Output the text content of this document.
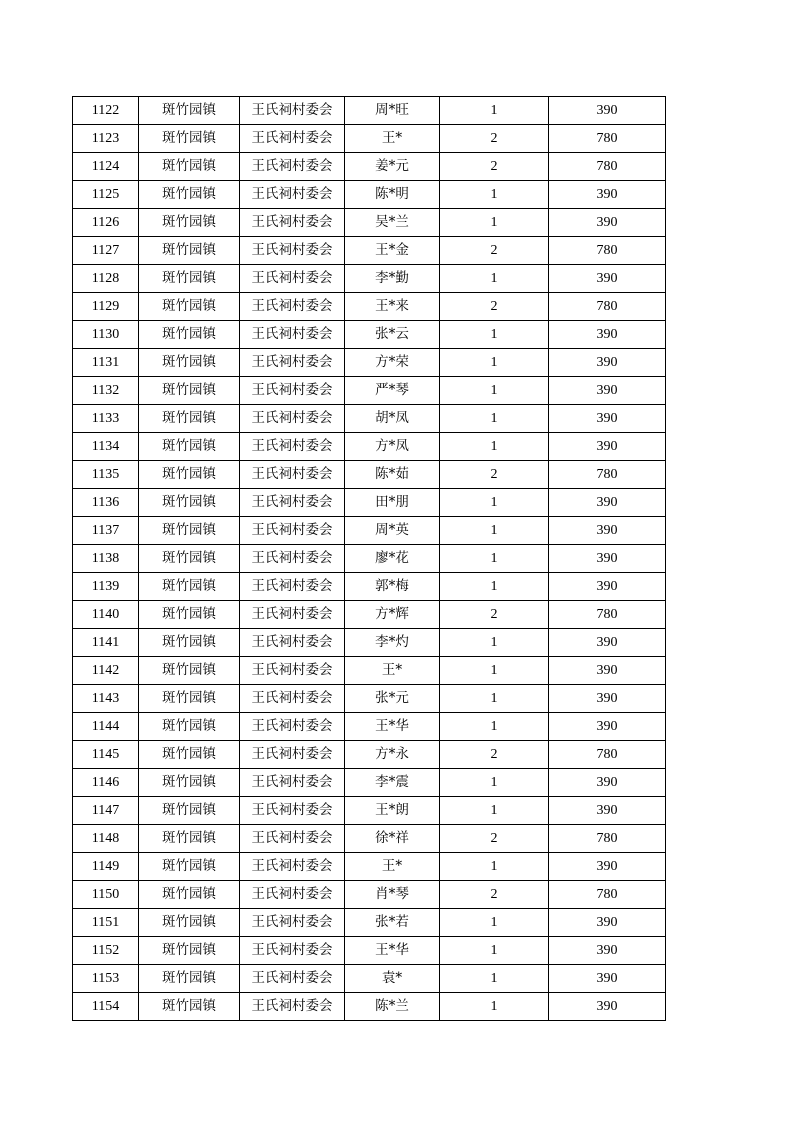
1122	斑竹园镇	王氏祠村委会	周*旺	1	390
1123	斑竹园镇	王氏祠村委会	王*	2	780
1124	斑竹园镇	王氏祠村委会	姜*元	2	780
1125	斑竹园镇	王氏祠村委会	陈*明	1	390
1126	斑竹园镇	王氏祠村委会	吴*兰	1	390
1127	斑竹园镇	王氏祠村委会	王*金	2	780
1128	斑竹园镇	王氏祠村委会	李*勤	1	390
1129	斑竹园镇	王氏祠村委会	王*来	2	780
1130	斑竹园镇	王氏祠村委会	张*云	1	390
1131	斑竹园镇	王氏祠村委会	方*荣	1	390
1132	斑竹园镇	王氏祠村委会	严*琴	1	390
1133	斑竹园镇	王氏祠村委会	胡*凤	1	390
1134	斑竹园镇	王氏祠村委会	方*凤	1	390
1135	斑竹园镇	王氏祠村委会	陈*茹	2	780
1136	斑竹园镇	王氏祠村委会	田*朋	1	390
1137	斑竹园镇	王氏祠村委会	周*英	1	390
1138	斑竹园镇	王氏祠村委会	廖*花	1	390
1139	斑竹园镇	王氏祠村委会	郭*梅	1	390
1140	斑竹园镇	王氏祠村委会	方*辉	2	780
1141	斑竹园镇	王氏祠村委会	李*灼	1	390
1142	斑竹园镇	王氏祠村委会	王*	1	390
1143	斑竹园镇	王氏祠村委会	张*元	1	390
1144	斑竹园镇	王氏祠村委会	王*华	1	390
1145	斑竹园镇	王氏祠村委会	方*永	2	780
1146	斑竹园镇	王氏祠村委会	李*震	1	390
1147	斑竹园镇	王氏祠村委会	王*朗	1	390
1148	斑竹园镇	王氏祠村委会	徐*祥	2	780
1149	斑竹园镇	王氏祠村委会	王*	1	390
1150	斑竹园镇	王氏祠村委会	肖*琴	2	780
1151	斑竹园镇	王氏祠村委会	张*若	1	390
1152	斑竹园镇	王氏祠村委会	王*华	1	390
1153	斑竹园镇	王氏祠村委会	袁*	1	390
1154	斑竹园镇	王氏祠村委会	陈*兰	1	390
